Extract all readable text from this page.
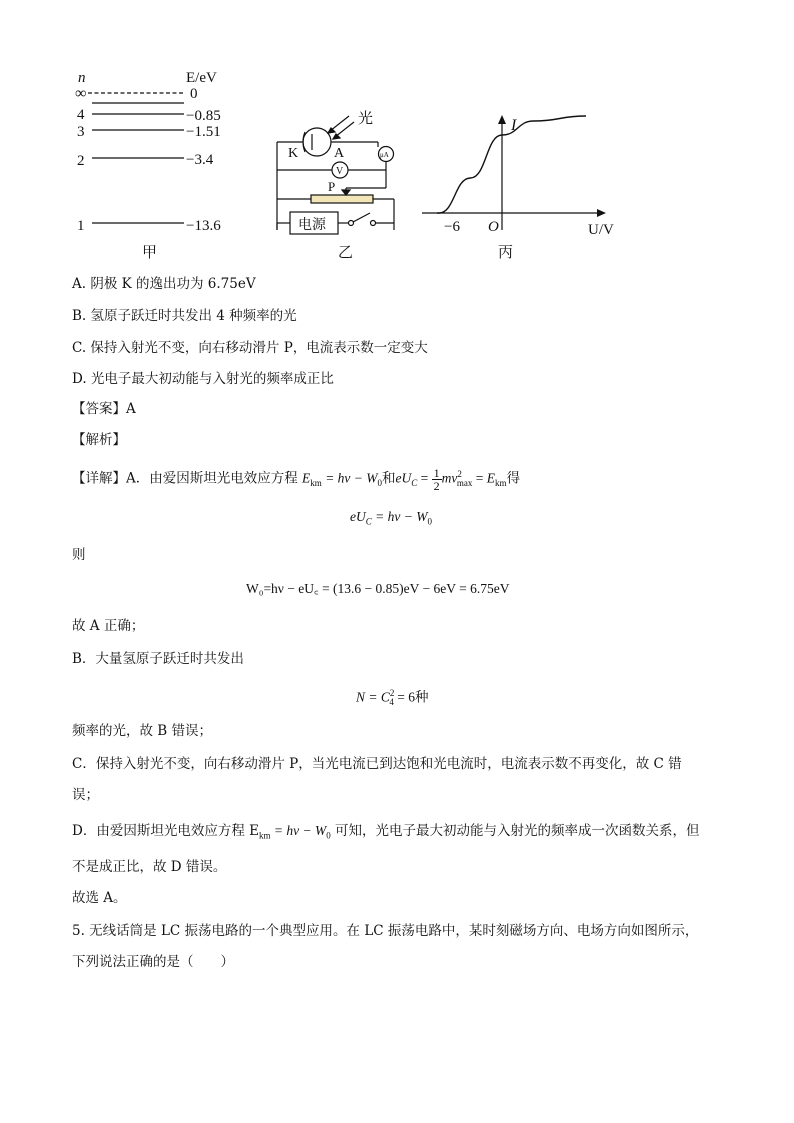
n	E/eV
∞	0
4	−0.85
3	−1.51
2	−3.4
1	−13.6
甲
光
K	A	μA
V
P
电源
乙
I
−6 O	U/V
丙
A. 阴极 K 的逸出功为 6.75eV
B. 氢原子跃迁时共发出 4 种频率的光
C. 保持入射光不变，向右移动滑片 P，电流表示数一定变大
D. 光电子最大初动能与入射光的频率成正比
【答案】A
【解析】
【详解】A．由爱因斯坦光电效应方程 $E_{km} = h\nu - W_0$和$eU_C = \frac{1}{2} mv^2_{max} = E_{km}$得
$eU_C = h\nu - W_0$
则
W₀=hν − eU꜀ = (13.6 − 0.85)eV − 6eV = 6.75eV
故 A 正确；
B．大量氢原子跃迁时共发出
$N = C^2_4 = 6$种
频率的光，故 B 错误；
C．保持入射光不变，向右移动滑片 P，当光电流已到达饱和光电流时，电流表示数不再变化，故 C 错
误；
D．由爱因斯坦光电效应方程 $E_{km} = h\nu - W_0$ 可知，光电子最大初动能与入射光的频率成一次函数关系，但
不是成正比，故 D 错误。
故选 A。
5. 无线话筒是 LC 振荡电路的一个典型应用。在 LC 振荡电路中，某时刻磁场方向、电场方向如图所示，
下列说法正确的是（　　）
